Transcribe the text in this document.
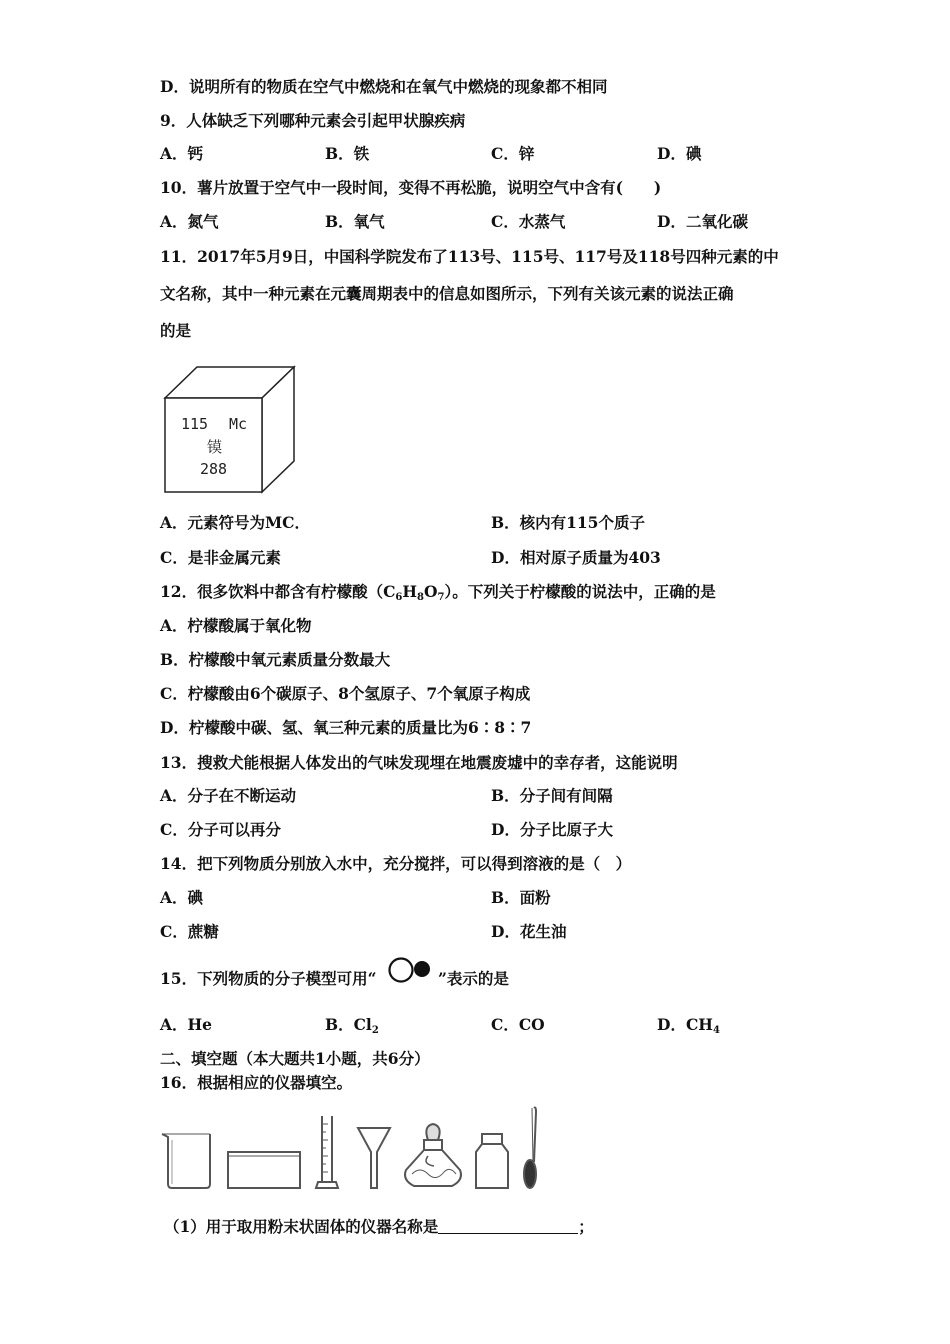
D．说明所有的物质在空气中燃烧和在氧气中燃烧的现象都不相同
9．人体缺乏下列哪种元素会引起甲状腺疾病
A．钙	B．铁	C．锌	D．碘
10．薯片放置于空气中一段时间，变得不再松脆，说明空气中含有(　　)
A．氮气	B．氧气	C．水蒸气	D．二氧化碳
11．2017年5月9日，中国科学院发布了113号、115号、117号及118号四种元素的中
文名称，其中一种元素在元囊周期表中的信息如图所示，下列有关该元素的说法正确
的是
115 Mc
镆
288
A．元素符号为MC．	B．核内有115个质子
C．是非金属元素	D．相对原子质量为403
12．很多饮料中都含有柠檬酸$(C_6H_8O_7)$。下列关于柠檬酸的说法中，正确的是
A．柠檬酸属于氧化物
B．柠檬酸中氧元素质量分数最大
C．柠檬酸由6个碳原子、8个氢原子、7个氧原子构成
D．柠檬酸中碳、氢、氧三种元素的质量比为6∶8∶7
13．搜救犬能根据人体发出的气味发现埋在地震废墟中的幸存者，这能说明
A．分子在不断运动	B．分子间有间隔
C．分子可以再分	D．分子比原子大
14．把下列物质分别放入水中，充分搅拌，可以得到溶液的是（　）
A．碘	B．面粉
C．蔗糖	D．花生油
15．下列物质的分子模型可用“	”表示的是
A．He	B．$Cl_2$	C．CO	D．$CH_4$
二、填空题（本大题共1小题，共6分）
16．根据相应的仪器填空。
（1）用于取用粉末状固体的仪器名称是	；
